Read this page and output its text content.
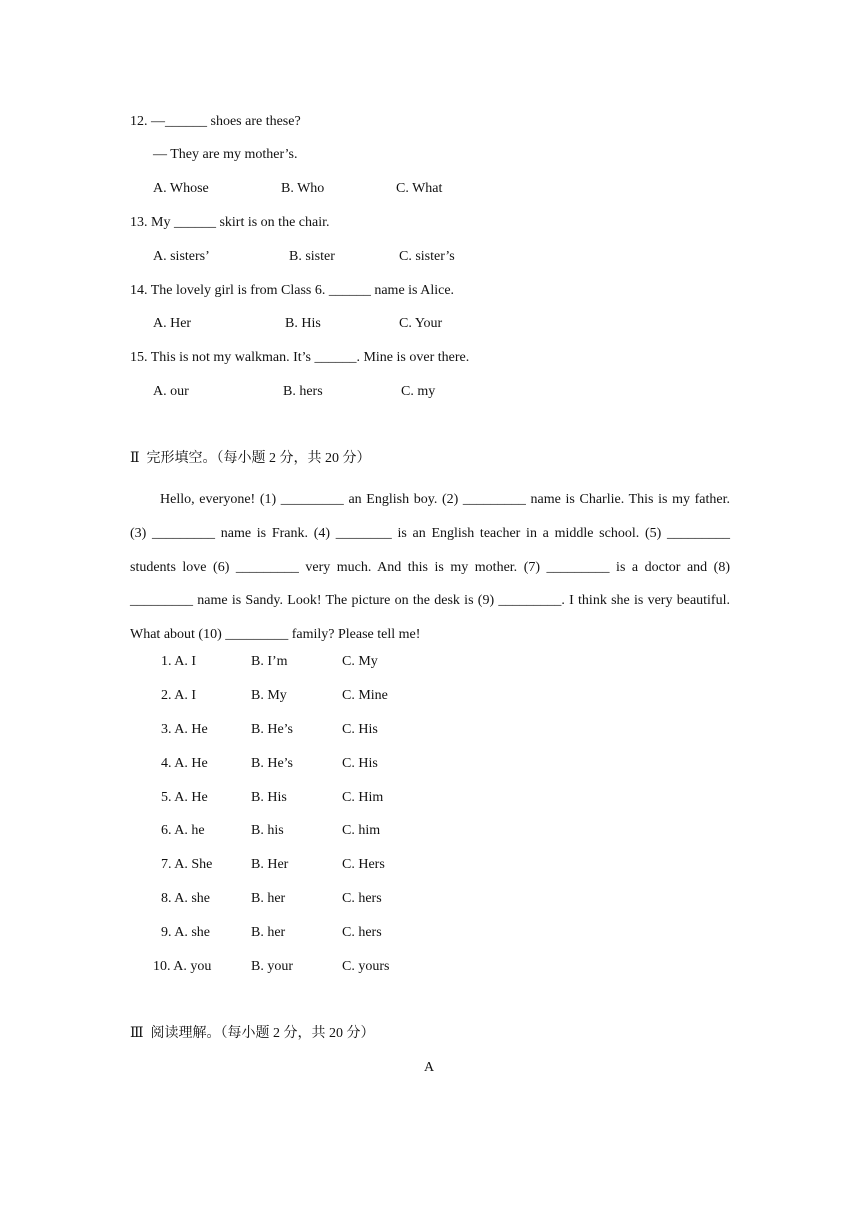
12. —______ shoes are these?
— They are my mother’s.
A. Whose	B. Who	C. What
13. My ______ skirt is on the chair.
A. sisters’	B. sister	C. sister’s
14. The lovely girl is from Class 6. ______ name is Alice.
A. Her	B. His	C. Your
15. This is not my walkman. It’s ______. Mine is over there.
A. our	B. hers	C. my
Ⅱ  完形填空。（每小题 2 分，共 20 分）
Hello, everyone! (1) _________ an English boy. (2) _________ name is Charlie. This is my father. (3) _________ name is Frank. (4) ________ is an English teacher in a middle school. (5) _________ students love (6) _________ very much. And this is my mother. (7) _________ is a doctor and (8) _________ name is Sandy. Look! The picture on the desk is (9) _________. I think she is very beautiful. What about (10) _________ family? Please tell me!
1. A. I	B. I’m	C. My
2. A. I	B. My	C. Mine
3. A. He	B. He’s	C. His
4. A. He	B. He’s	C. His
5. A. He	B. His	C. Him
6. A. he	B. his	C. him
7. A. She	B. Her	C. Hers
8. A. she	B. her	C. hers
9. A. she	B. her	C. hers
10. A. you	B. your	C. yours
Ⅲ  阅读理解。（每小题 2 分，共 20 分）
A
